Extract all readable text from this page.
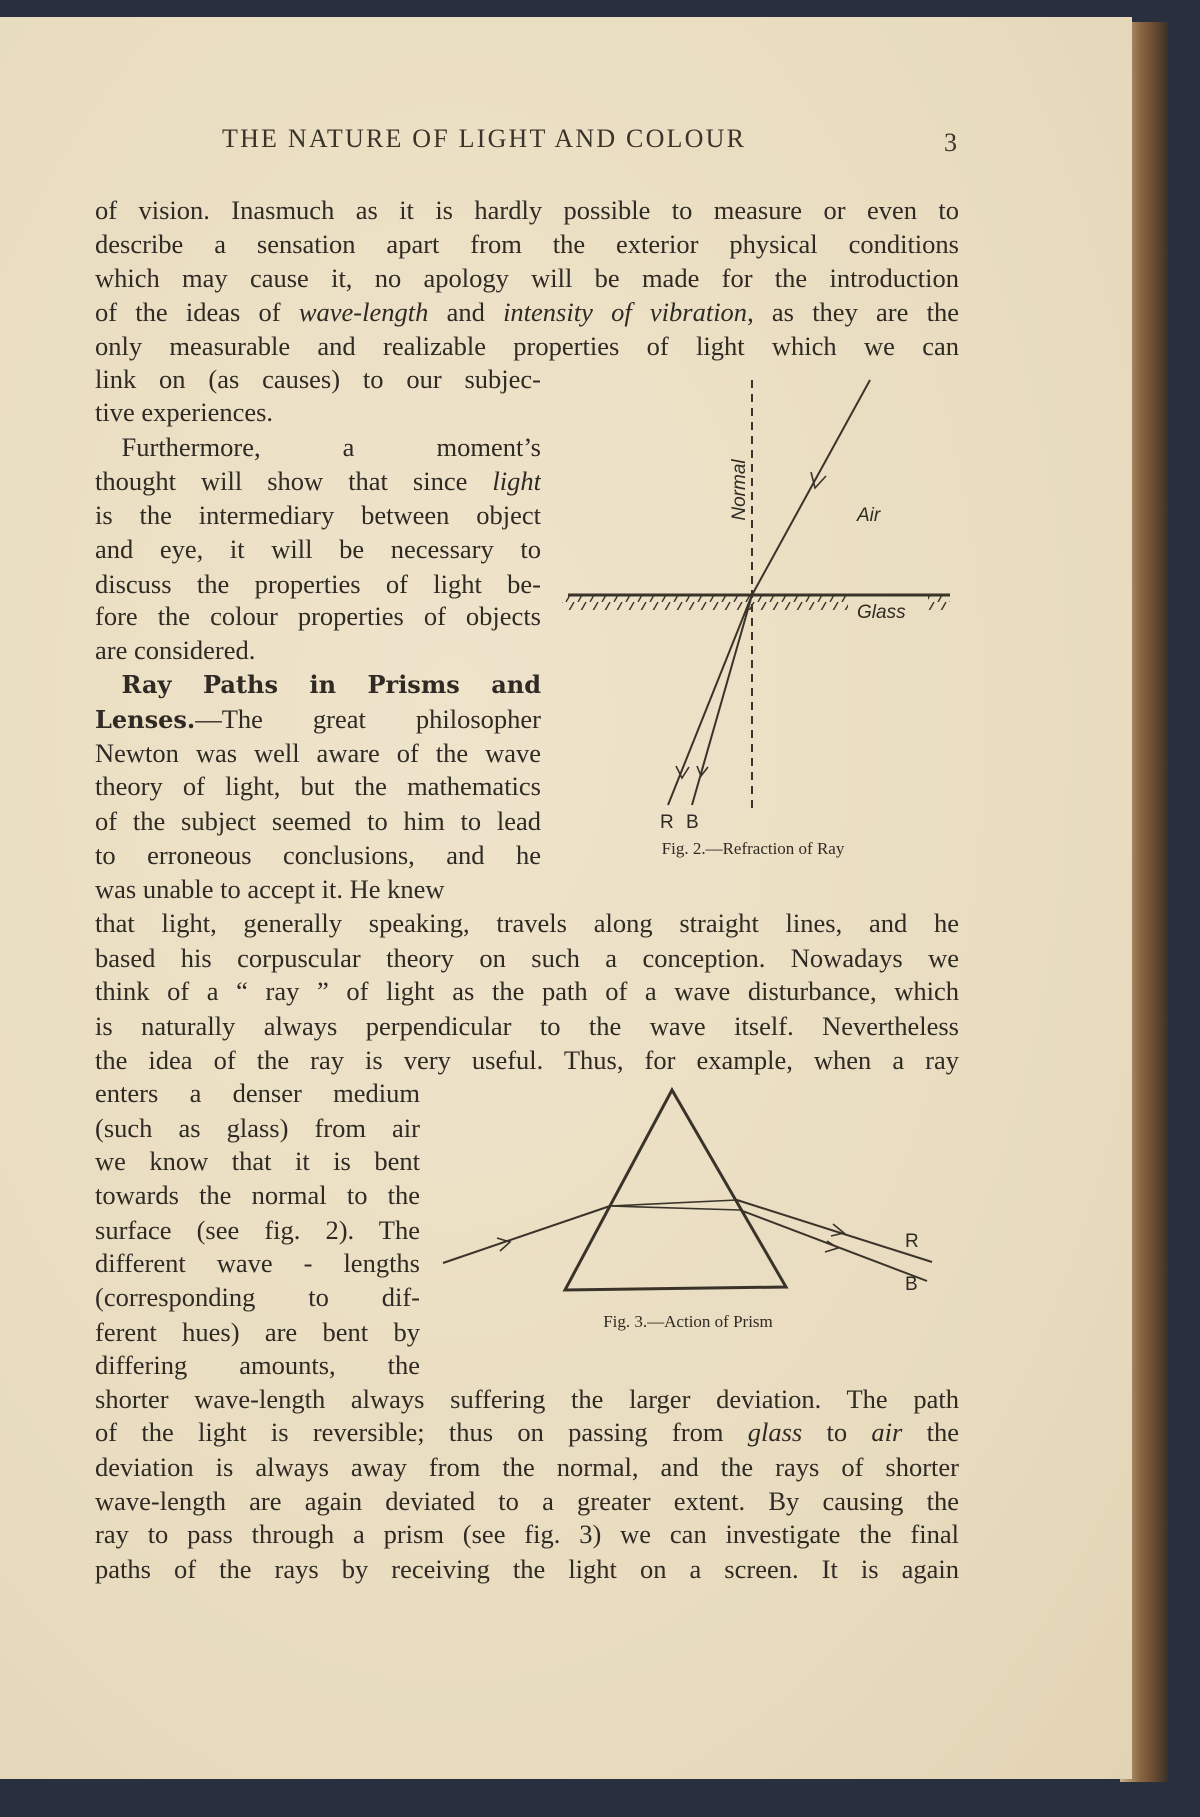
THE NATURE OF LIGHT AND COLOUR	3
of vision. Inasmuch as it is hardly possible to measure or even to
describe a sensation apart from the exterior physical conditions
which may cause it, no apology will be made for the introduction
of the ideas of wave-length and intensity of vibration, as they are the
only measurable and realizable properties of light which we can
link on (as causes) to our subjec-
tive experiences.
 Furthermore, a moment’s
thought will show that since light
is the intermediary between object
and eye, it will be necessary to
discuss the properties of light be-
fore the colour properties of objects
are considered.
 Ray Paths in Prisms and
Lenses.—The great philosopher
Newton was well aware of the wave
theory of light, but the mathematics
of the subject seemed to him to lead
to erroneous conclusions, and he
was unable to accept it. He knew
that light, generally speaking, travels along straight lines, and he
based his corpuscular theory on such a conception. Nowadays we
think of a “ ray ” of light as the path of a wave disturbance, which
is naturally always perpendicular to the wave itself. Nevertheless
the idea of the ray is very useful. Thus, for example, when a ray
enters a denser medium
(such as glass) from air
we know that it is bent
towards the normal to the
surface (see fig. 2). The
different wave - lengths
(corresponding to dif-
ferent hues) are bent by
differing amounts, the
shorter wave-length always suffering the larger deviation. The path
of the light is reversible; thus on passing from glass to air the
deviation is always away from the normal, and the rays of shorter
wave-length are again deviated to a greater extent. By causing the
ray to pass through a prism (see fig. 3) we can investigate the final
paths of the rays by receiving the light on a screen. It is again
Normal	Air
Glass
R B
Fig. 2.—Refraction of Ray
R
B
Fig. 3.—Action of Prism
